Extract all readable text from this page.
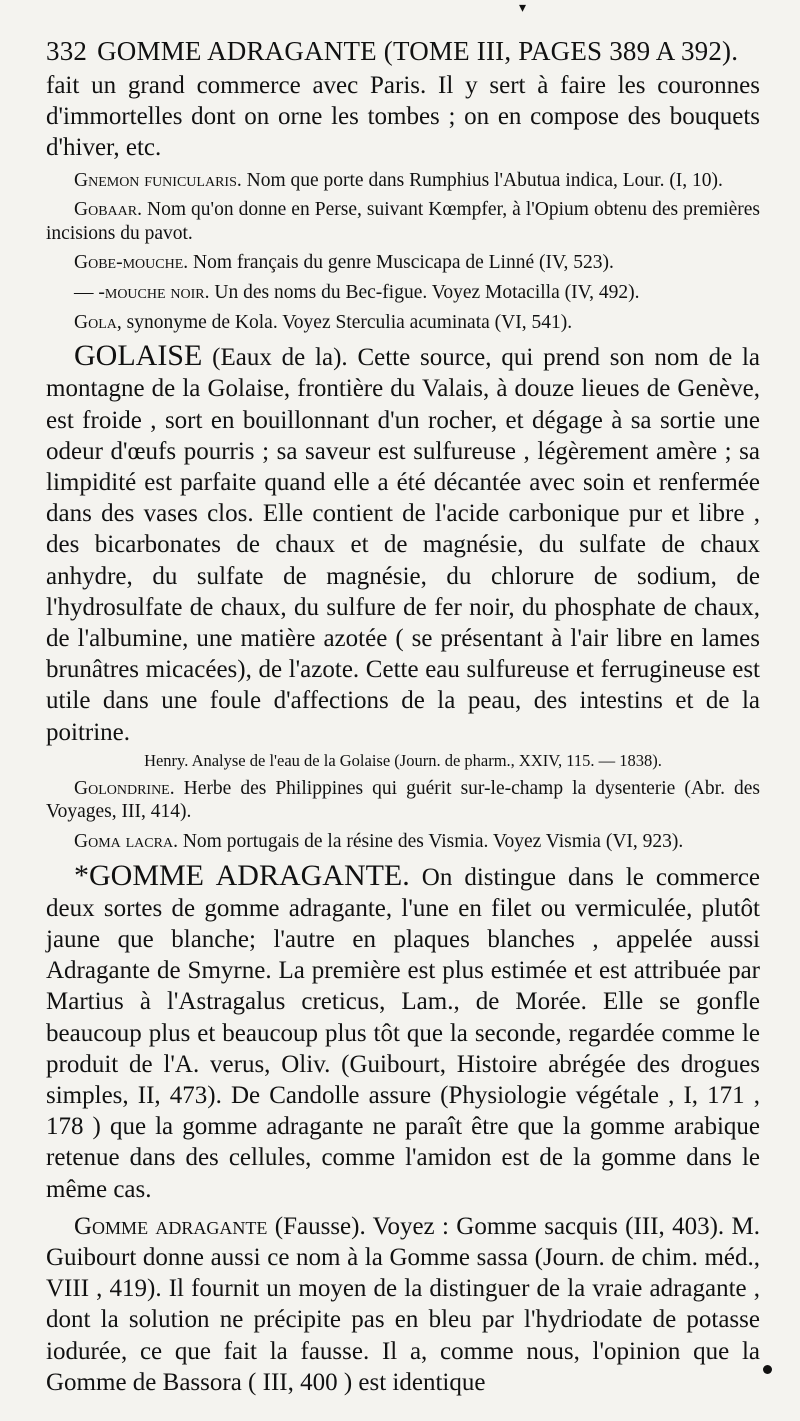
▾
332 GOMME ADRAGANTE (TOME III, PAGES 389 A 392).

fait un grand commerce avec Paris. Il y sert à faire les couronnes d'immortelles dont on orne les tombes ; on en compose des bouquets d'hiver, etc.

Gnemon funicularis. Nom que porte dans Rumphius l'Abutua indica, Lour. (I, 10).

Gobaar. Nom qu'on donne en Perse, suivant Kœmpfer, à l'Opium obtenu des premières incisions du pavot.

Gobe-mouche. Nom français du genre Muscicapa de Linné (IV, 523).

— -mouche noir. Un des noms du Bec-figue. Voyez Motacilla (IV, 492).

Gola, synonyme de Kola. Voyez Sterculia acuminata (VI, 541).

GOLAISE (Eaux de la). Cette source, qui prend son nom de la montagne de la Golaise, frontière du Valais, à douze lieues de Genève, est froide , sort en bouillonnant d'un rocher, et dégage à sa sortie une odeur d'œufs pourris ; sa saveur est sulfureuse , légèrement amère ; sa limpidité est parfaite quand elle a été décantée avec soin et renfermée dans des vases clos. Elle contient de l'acide carbonique pur et libre , des bicarbonates de chaux et de magnésie, du sulfate de chaux anhydre, du sulfate de magnésie, du chlorure de sodium, de l'hydrosulfate de chaux, du sulfure de fer noir, du phosphate de chaux, de l'albumine, une matière azotée ( se présentant à l'air libre en lames brunâtres micacées), de l'azote. Cette eau sulfureuse et ferrugineuse est utile dans une foule d'affections de la peau, des intestins et de la poitrine.

Henry. Analyse de l'eau de la Golaise (Journ. de pharm., XXIV, 115. — 1838).

Golondrine. Herbe des Philippines qui guérit sur-le-champ la dysenterie (Abr. des Voyages, III, 414).

Goma lacra. Nom portugais de la résine des Vismia. Voyez Vismia (VI, 923).

*GOMME ADRAGANTE. On distingue dans le commerce deux sortes de gomme adragante, l'une en filet ou vermiculée, plutôt jaune que blanche; l'autre en plaques blanches , appelée aussi Adragante de Smyrne. La première est plus estimée et est attribuée par Martius à l'Astragalus creticus, Lam., de Morée. Elle se gonfle beaucoup plus et beaucoup plus tôt que la seconde, regardée comme le produit de l'A. verus, Oliv. (Guibourt, Histoire abrégée des drogues simples, II, 473). De Candolle assure (Physiologie végétale , I, 171 , 178 ) que la gomme adragante ne paraît être que la gomme arabique retenue dans des cellules, comme l'amidon est de la gomme dans le même cas.

Gomme adragante (Fausse). Voyez : Gomme sacquis (III, 403). M. Guibourt donne aussi ce nom à la Gomme sassa (Journ. de chim. méd., VIII , 419). Il fournit un moyen de la distinguer de la vraie adragante , dont la solution ne précipite pas en bleu par l'hydriodate de potasse iodurée, ce que fait la fausse. Il a, comme nous, l'opinion que la Gomme de Bassora ( III, 400 ) est identique
